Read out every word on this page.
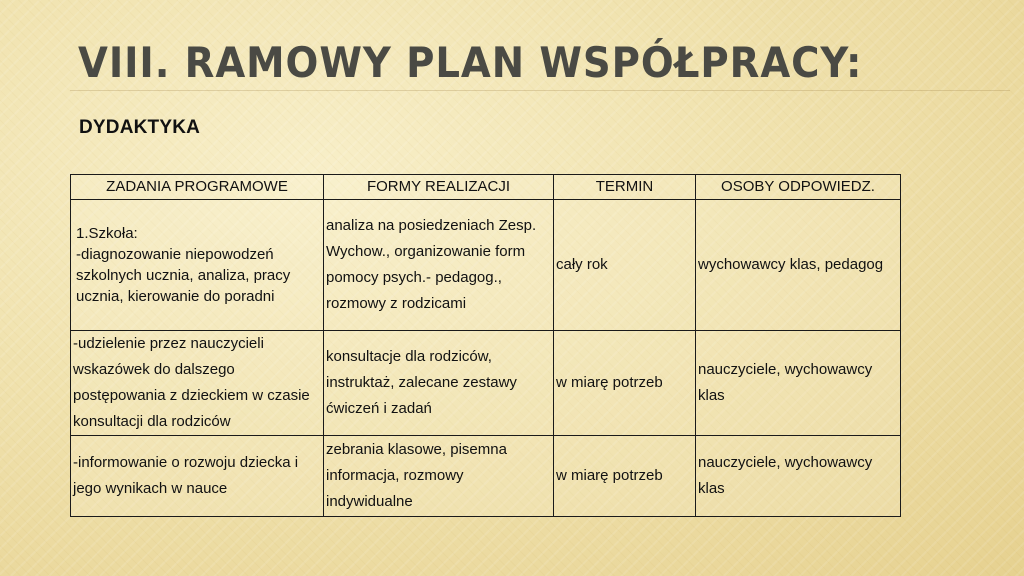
VIII. RAMOWY PLAN WSPÓŁPRACY:
DYDAKTYKA
ZADANIA PROGRAMOWE	FORMY REALIZACJI	TERMIN	OSOBY ODPOWIEDZ.

1.Szkoła:
-diagnozowanie niepowodzeń szkolnych ucznia, analiza, pracy ucznia, kierowanie do poradni	analiza na posiedzeniach Zesp. Wychow., organizowanie form pomocy psych.- pedagog., rozmowy z rodzicami	cały rok	wychowawcy klas, pedagog
-udzielenie przez nauczycieli wskazówek do dalszego postępowania z dzieckiem w czasie konsultacji dla rodziców	konsultacje dla rodziców, instruktaż, zalecane zestawy ćwiczeń i zadań	w miarę potrzeb	nauczyciele, wychowawcy klas
-informowanie o rozwoju dziecka i jego wynikach w nauce	zebrania klasowe, pisemna informacja, rozmowy indywidualne	w miarę potrzeb	nauczyciele, wychowawcy klas
